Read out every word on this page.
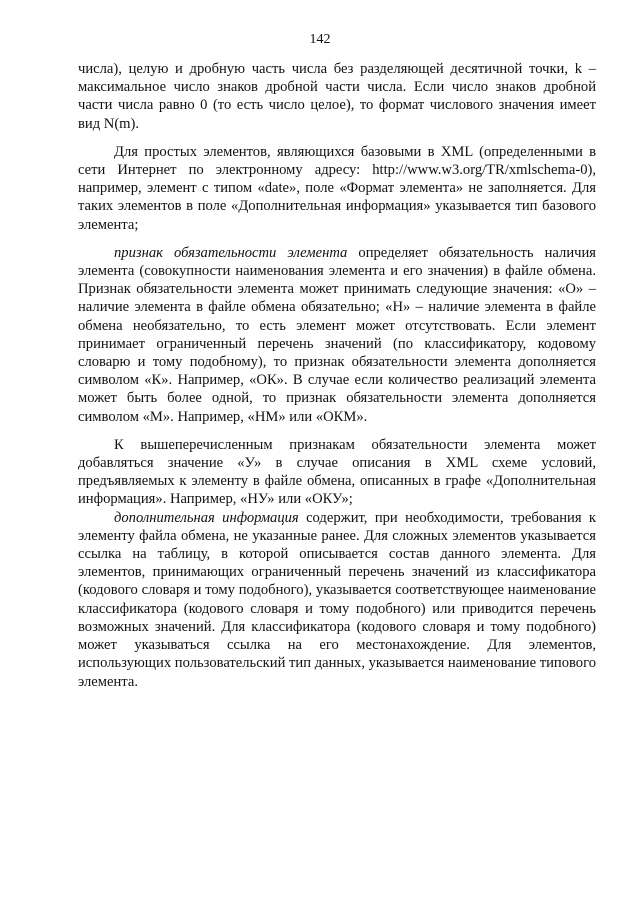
142

числа), целую и дробную часть числа без разделяющей десятичной точки, k – максимальное число знаков дробной части числа. Если число знаков дробной части числа равно 0 (то есть число целое), то формат числового значения имеет вид N(m).

Для простых элементов, являющихся базовыми в XML (определенными в сети Интернет по электронному адресу: http://www.w3.org/TR/xmlschema-0), например, элемент с типом «date», поле «Формат элемента» не заполняется. Для таких элементов в поле «Дополнительная информация» указывается тип базового элемента;

признак обязательности элемента определяет обязательность наличия элемента (совокупности наименования элемента и его значения) в файле обмена. Признак обязательности элемента может принимать следующие значения: «О» – наличие элемента в файле обмена обязательно; «Н» – наличие элемента в файле обмена необязательно, то есть элемент может отсутствовать. Если элемент принимает ограниченный перечень значений (по классификатору, кодовому словарю и тому подобному), то признак обязательности элемента дополняется символом «К». Например, «ОК». В случае если количество реализаций элемента может быть более одной, то признак обязательности элемента дополняется символом «М». Например, «НМ» или «ОКМ».

К вышеперечисленным признакам обязательности элемента может добавляться значение «У» в случае описания в XML схеме условий, предъявляемых к элементу в файле обмена, описанных в графе «Дополнительная информация». Например, «НУ» или «ОКУ»;

дополнительная информация содержит, при необходимости, требования к элементу файла обмена, не указанные ранее. Для сложных элементов указывается ссылка на таблицу, в которой описывается состав данного элемента. Для элементов, принимающих ограниченный перечень значений из классификатора (кодового словаря и тому подобного), указывается соответствующее наименование классификатора (кодового словаря и тому подобного) или приводится перечень возможных значений. Для классификатора (кодового словаря и тому подобного) может указываться ссылка на его местонахождение. Для элементов, использующих пользовательский тип данных, указывается наименование типового элемента.
